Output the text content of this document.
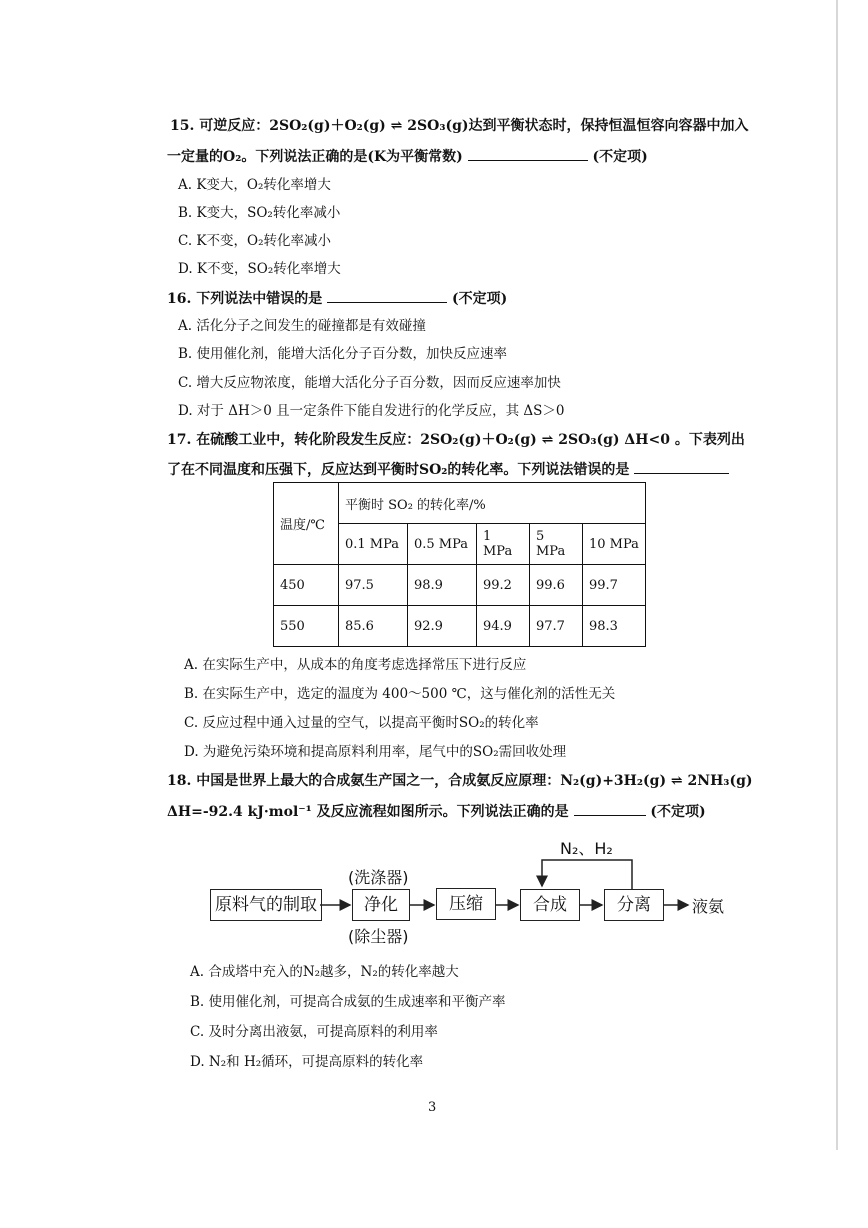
15. 可逆反应：2SO₂(g)＋O₂(g) ⇌ 2SO₃(g)达到平衡状态时，保持恒温恒容向容器中加入
一定量的O₂。下列说法正确的是(K为平衡常数)	(不定项)
A. K变大，O₂转化率增大
B. K变大，SO₂转化率减小
C. K不变，O₂转化率减小
D. K不变，SO₂转化率增大
16. 下列说法中错误的是	(不定项)
A. 活化分子之间发生的碰撞都是有效碰撞
B. 使用催化剂，能增大活化分子百分数，加快反应速率
C. 增大反应物浓度，能增大活化分子百分数，因而反应速率加快
D. 对于 ΔH＞0 且一定条件下能自发进行的化学反应，其 ΔS＞0
17. 在硫酸工业中，转化阶段发生反应：2SO₂(g)＋O₂(g) ⇌ 2SO₃(g) ΔH<0 。下表列出
了在不同温度和压强下，反应达到平衡时SO₂的转化率。下列说法错误的是
温度/℃	平衡时 SO₂ 的转化率/%				
	0.1 MPa	0.5 MPa	1 MPa	5 MPa	10 MPa
450	97.5	98.9	99.2	99.6	99.7
550	85.6	92.9	94.9	97.7	98.3
A. 在实际生产中，从成本的角度考虑选择常压下进行反应
B. 在实际生产中，选定的温度为 400～500 ℃，这与催化剂的活性无关
C. 反应过程中通入过量的空气，以提高平衡时SO₂的转化率
D. 为避免污染环境和提高原料利用率，尾气中的SO₂需回收处理
18. 中国是世界上最大的合成氨生产国之一，合成氨反应原理：N₂(g)+3H₂(g) ⇌ 2NH₃(g)
ΔH=-92.4 kJ·mol⁻¹ 及反应流程如图所示。下列说法正确的是	(不定项)
N₂、H₂
原料气的制取
(洗涤器)
净化
(除尘器)
压缩	合成	分离	液氨
A. 合成塔中充入的N₂越多，N₂的转化率越大
B. 使用催化剂，可提高合成氨的生成速率和平衡产率
C. 及时分离出液氨，可提高原料的利用率
D. N₂和 H₂循环，可提高原料的转化率
3
